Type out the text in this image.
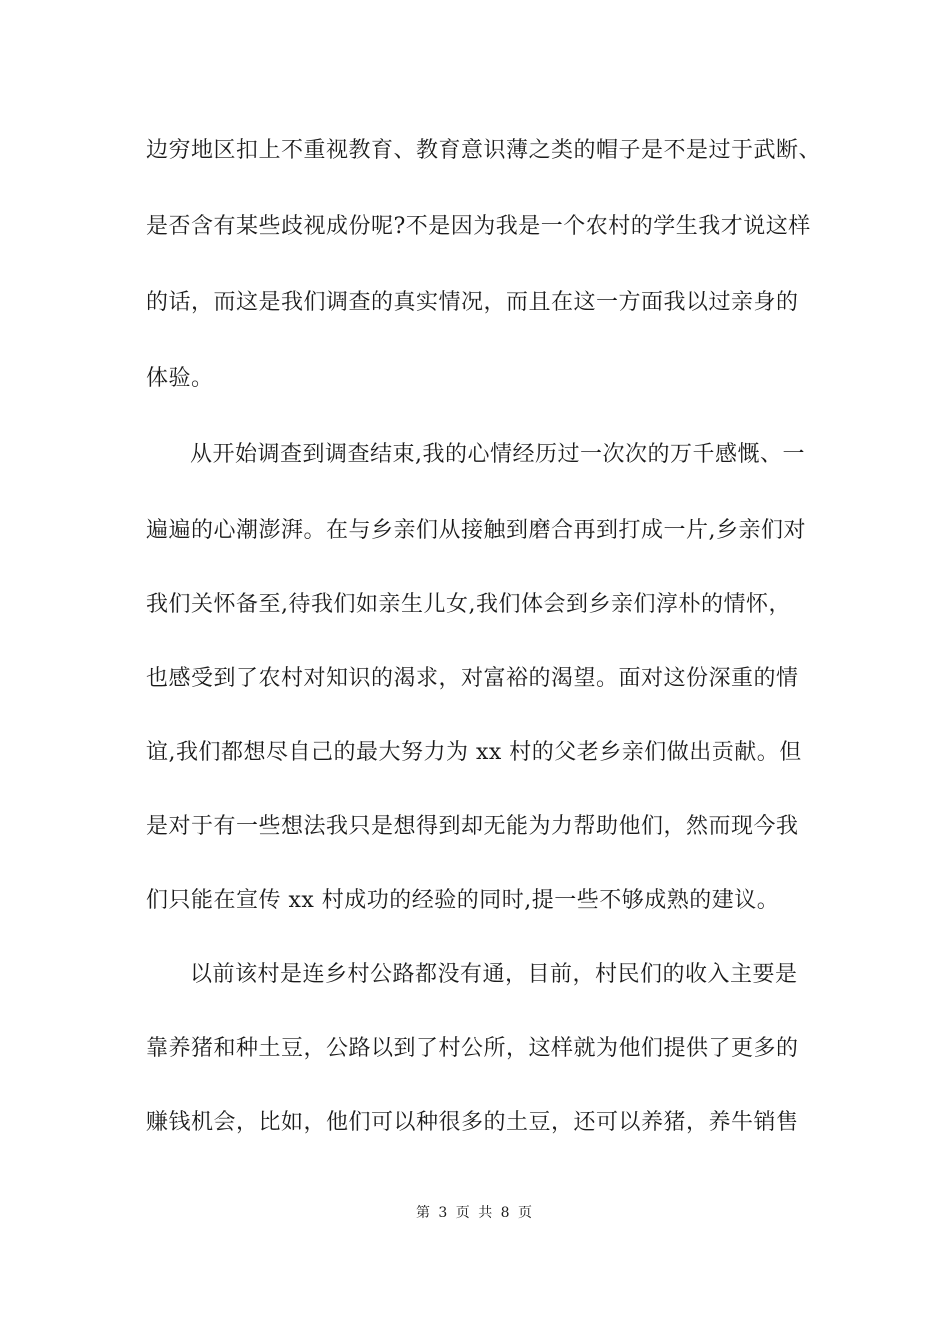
边穷地区扣上不重视教育、教育意识薄之类的帽子是不是过于武断、
是否含有某些歧视成份呢?不是因为我是一个农村的学生我才说这样
的话，而这是我们调查的真实情况，而且在这一方面我以过亲身的
体验。
从开始调查到调查结束,我的心情经历过一次次的万千感慨、一
遍遍的心潮澎湃。在与乡亲们从接触到磨合再到打成一片,乡亲们对
我们关怀备至,待我们如亲生儿女,我们体会到乡亲们淳朴的情怀，
也感受到了农村对知识的渴求，对富裕的渴望。面对这份深重的情
谊,我们都想尽自己的最大努力为 xx 村的父老乡亲们做出贡献。但
是对于有一些想法我只是想得到却无能为力帮助他们，然而现今我
们只能在宣传 xx 村成功的经验的同时,提一些不够成熟的建议。
以前该村是连乡村公路都没有通，目前，村民们的收入主要是
靠养猪和种土豆，公路以到了村公所，这样就为他们提供了更多的
赚钱机会，比如，他们可以种很多的土豆，还可以养猪，养牛销售
第 3 页 共 8 页
